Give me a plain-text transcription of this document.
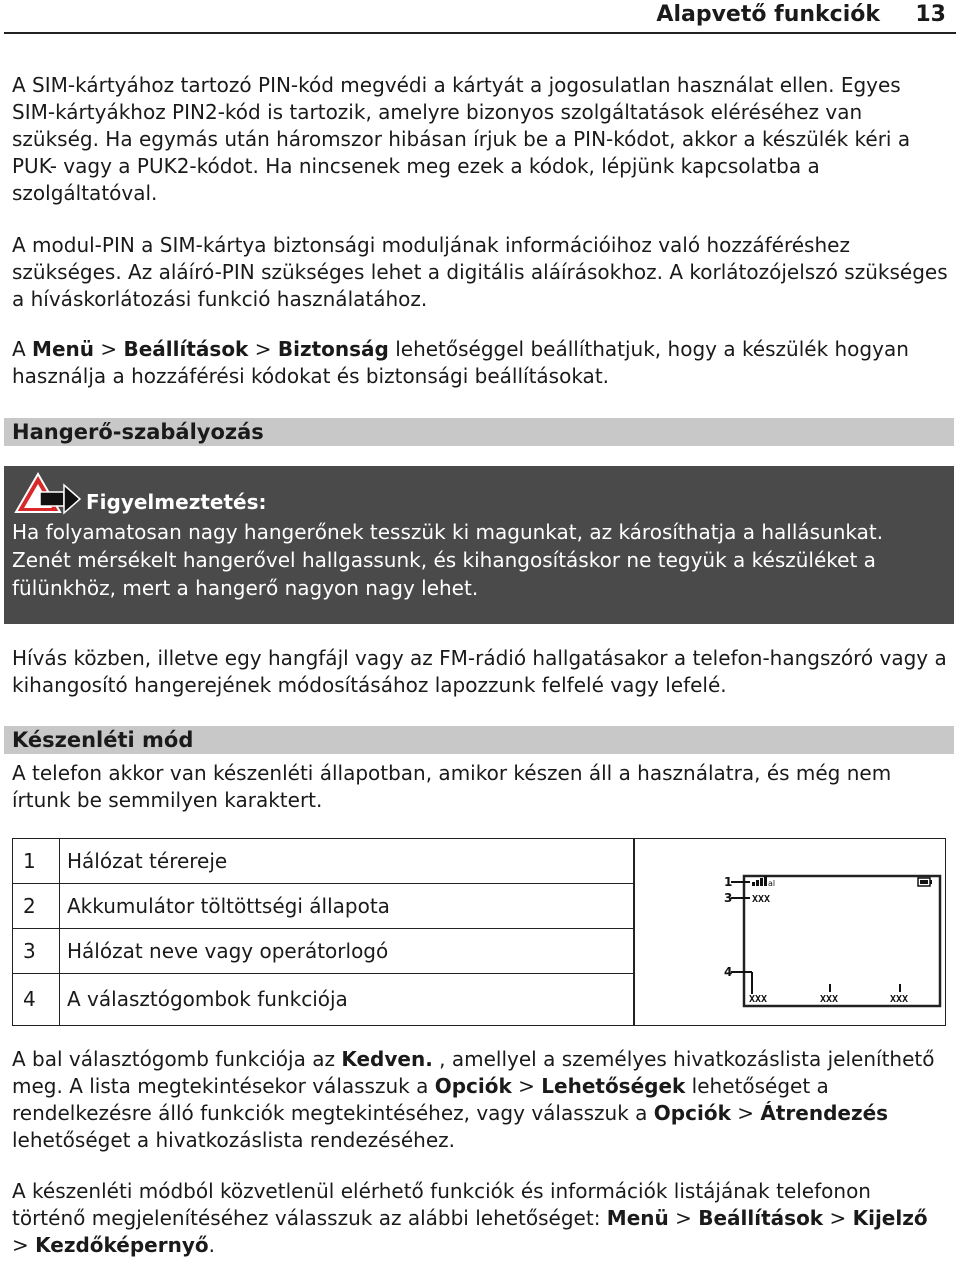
Alapvető funkciók 13

A SIM-kártyához tartozó PIN-kód megvédi a kártyát a jogosulatlan használat ellen. Egyes SIM-kártyákhoz PIN2-kód is tartozik, amelyre bizonyos szolgáltatások eléréséhez van szükség. Ha egymás után háromszor hibásan írjuk be a PIN-kódot, akkor a készülék kéri a PUK- vagy a PUK2-kódot. Ha nincsenek meg ezek a kódok, lépjünk kapcsolatba a szolgáltatóval.

A modul-PIN a SIM-kártya biztonsági moduljának információihoz való hozzáféréshez szükséges. Az aláíró-PIN szükséges lehet a digitális aláírásokhoz. A korlátozójelszó szükséges a híváskorlátozási funkció használatához.

A Menü > Beállítások > Biztonság lehetőséggel beállíthatjuk, hogy a készülék hogyan használja a hozzáférési kódokat és biztonsági beállításokat.

Hangerő-szabályozás
Figyelmeztetés:

Ha folyamatosan nagy hangerőnek tesszük ki magunkat, az károsíthatja a hallásunkat. Zenét mérsékelt hangerővel hallgassunk, és kihangosításkor ne tegyük a készüléket a fülünkhöz, mert a hangerő nagyon nagy lehet.

Hívás közben, illetve egy hangfájl vagy az FM-rádió hallgatásakor a telefon-hangszóró vagy a kihangosító hangerejének módosításához lapozzunk felfelé vagy lefelé.

Készenléti mód

A telefon akkor van készenléti állapotban, amikor készen áll a használatra, és még nem írtunk be semmilyen karaktert.

1	Hálózat térereje
2	Akkumulátor töltöttségi állapota
3	Hálózat neve vagy operátorlogó
4	A választógombok funkciója
1	al
3 XXX
4
XXX	XXX	XXX

A bal választógomb funkciója az Kedven. , amellyel a személyes hivatkozáslista jeleníthető meg. A lista megtekintésekor válasszuk a Opciók > Lehetőségek lehetőséget a rendelkezésre álló funkciók megtekintéséhez, vagy válasszuk a Opciók > Átrendezés lehetőséget a hivatkozáslista rendezéséhez.

A készenléti módból közvetlenül elérhető funkciók és információk listájának telefonon történő megjelenítéséhez válasszuk az alábbi lehetőséget: Menü > Beállítások > Kijelző > Kezdőképernyő.
